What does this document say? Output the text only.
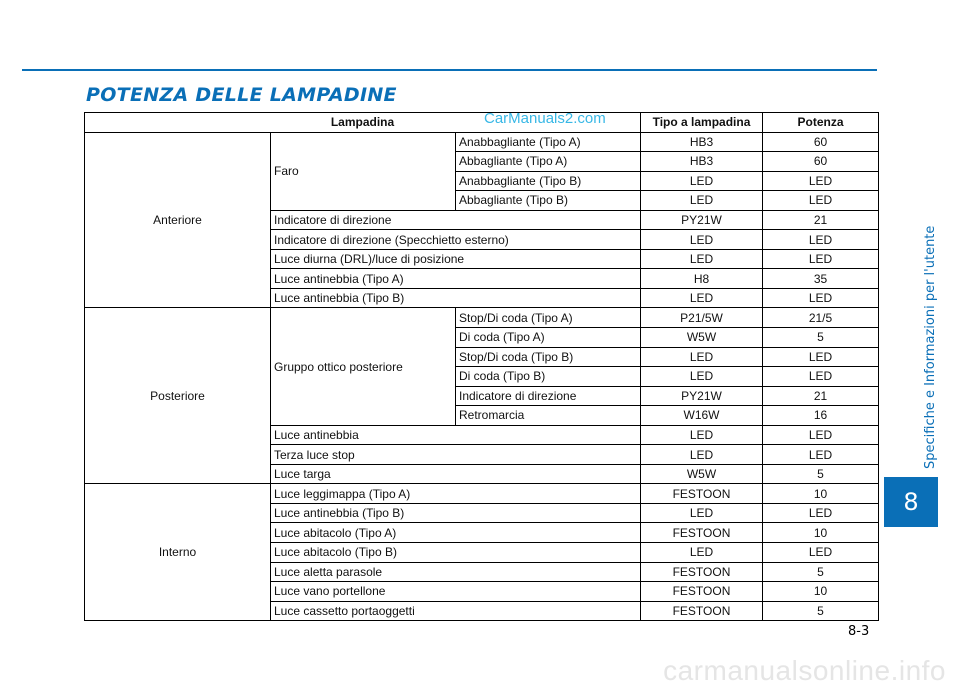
POTENZA DELLE LAMPADINE
CarManuals2.com
Specifiche e Informazioni per l'utente
8
Lampadina			Tipo a lampadina	Potenza
Anteriore	Faro	Anabbagliante (Tipo A)	HB3	60
		Abbagliante (Tipo A)	HB3	60
		Anabbagliante (Tipo B)	LED	LED
		Abbagliante (Tipo B)	LED	LED
	Indicatore di direzione		PY21W	21
	Indicatore di direzione (Specchietto esterno)		LED	LED
	Luce diurna (DRL)/luce di posizione		LED	LED
	Luce antinebbia (Tipo A)		H8	35
	Luce antinebbia (Tipo B)		LED	LED
Posteriore	Gruppo ottico posteriore	Stop/Di coda (Tipo A)	P21/5W	21/5
		Di coda (Tipo A)	W5W	5
		Stop/Di coda (Tipo B)	LED	LED
		Di coda (Tipo B)	LED	LED
		Indicatore di direzione	PY21W	21
		Retromarcia	W16W	16
	Luce antinebbia		LED	LED
	Terza luce stop		LED	LED
	Luce targa		W5W	5
Interno	Luce leggimappa (Tipo A)		FESTOON	10
	Luce antinebbia (Tipo B)		LED	LED
	Luce abitacolo (Tipo A)		FESTOON	10
	Luce abitacolo (Tipo B)		LED	LED
	Luce aletta parasole		FESTOON	5
	Luce vano portellone		FESTOON	10
	Luce cassetto portaoggetti		FESTOON	5
8-3
carmanualsonline.info
